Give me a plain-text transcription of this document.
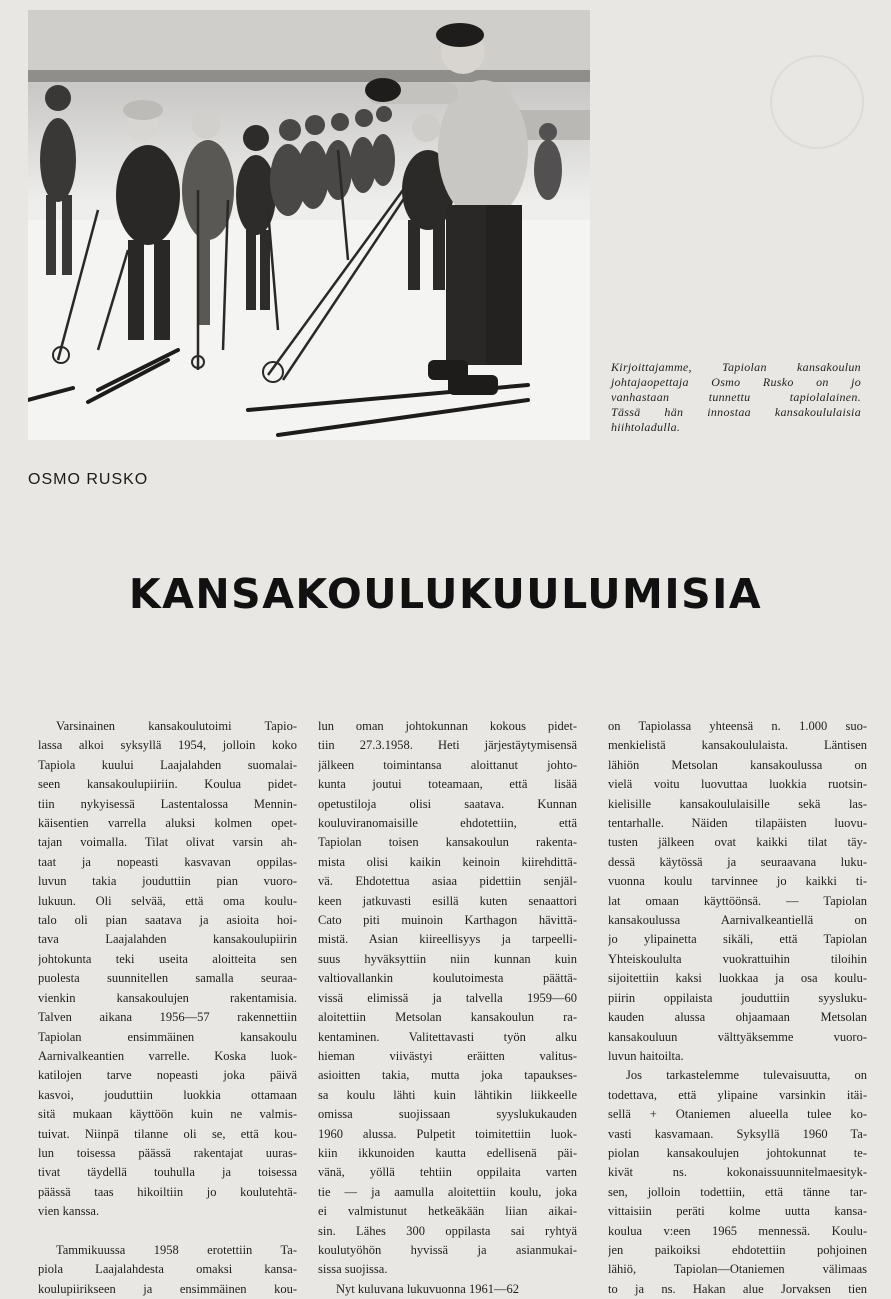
Kirjoittajamme, Tapiolan kansakoulun
johtajaopettaja Osmo Rusko on jo
vanhastaan tunnettu tapiolalainen.
Tässä hän innostaa kansakoululaisia
hiihtoladulla.
OSMO RUSKO
KANSAKOULUKUULUMISIA
Varsinainen kansakoulutoimi Tapio-
lassa alkoi syksyllä 1954, jolloin koko
Tapiola kuului Laajalahden suomalai-
seen kansakoulupiiriin. Koulua pidet-
tiin nykyisessä Lastentalossa Mennin-
käisentien varrella aluksi kolmen opet-
tajan voimalla. Tilat olivat varsin ah-
taat ja nopeasti kasvavan oppilas-
luvun takia jouduttiin pian vuoro-
lukuun. Oli selvää, että oma koulu-
talo oli pian saatava ja asioita hoi-
tava Laajalahden kansakoulupiirin
johtokunta teki useita aloitteita sen
puolesta suunnitellen samalla seuraa-
vienkin kansakoulujen rakentamisia.
Talven aikana 1956—57 rakennettiin
Tapiolan ensimmäinen kansakoulu
Aarnivalkeantien varrelle. Koska luok-
katilojen tarve nopeasti joka päivä
kasvoi, jouduttiin luokkia ottamaan
sitä mukaan käyttöön kuin ne valmis-
tuivat. Niinpä tilanne oli se, että kou-
lun toisessa päässä rakentajat uuras-
tivat täydellä touhulla ja toisessa
päässä taas hikoiltiin jo koulutehtä-
vien kanssa.
Tammikuussa 1958 erotettiin Ta-
piola Laajalahdesta omaksi kansa-
koulupiirikseen ja ensimmäinen kou-
lun oman johtokunnan kokous pidet-
tiin 27.3.1958. Heti järjestäytymisensä
jälkeen toimintansa aloittanut johto-
kunta joutui toteamaan, että lisää
opetustiloja olisi saatava. Kunnan
kouluviranomaisille ehdotettiin, että
Tapiolan toisen kansakoulun rakenta-
mista olisi kaikin keinoin kiirehdittä-
vä. Ehdotettua asiaa pidettiin senjäl-
keen jatkuvasti esillä kuten senaattori
Cato piti muinoin Karthagon hävittä-
mistä. Asian kiireellisyys ja tarpeelli-
suus hyväksyttiin niin kunnan kuin
valtiovallankin koulutoimesta päättä-
vissä elimissä ja talvella 1959—60
aloitettiin Metsolan kansakoulun ra-
kentaminen. Valitettavasti työn alku
hieman viivästyi eräitten valitus-
asioitten takia, mutta joka tapaukses-
sa koulu lähti kuin lähtikin liikkeelle
omissa suojissaan syyslukukauden
1960 alussa. Pulpetit toimitettiin luok-
kiin ikkunoiden kautta edellisenä päi-
vänä, yöllä tehtiin oppilaita varten
tie — ja aamulla aloitettiin koulu, joka
ei valmistunut hetkeäkään liian aikai-
sin. Lähes 300 oppilasta sai ryhtyä
koulutyöhön hyvissä ja asianmukai-
sissa suojissa.
Nyt kuluvana lukuvuonna 1961—62
on Tapiolassa yhteensä n. 1.000 suo-
menkielistä kansakoululaista. Läntisen
lähiön Metsolan kansakoulussa on
vielä voitu luovuttaa luokkia ruotsin-
kielisille kansakoululaisille sekä las-
tentarhalle. Näiden tilapäisten luovu-
tusten jälkeen ovat kaikki tilat täy-
dessä käytössä ja seuraavana luku-
vuonna koulu tarvinnee jo kaikki ti-
lat omaan käyttöönsä. — Tapiolan
kansakoulussa Aarnivalkeantiellä on
jo ylipainetta sikäli, että Tapiolan
Yhteiskoululta vuokrattuihin tiloihin
sijoitettiin kaksi luokkaa ja osa koulu-
piirin oppilaista jouduttiin syysluku-
kauden alussa ohjaamaan Metsolan
kansakouluun välttyäksemme vuoro-
luvun haitoilta.
Jos tarkastelemme tulevaisuutta, on
todettava, että ylipaine varsinkin itäi-
sellä + Otaniemen alueella tulee ko-
vasti kasvamaan. Syksyllä 1960 Ta-
piolan kansakoulujen johtokunnat te-
kivät ns. kokonaissuunnitelmaesityk-
sen, jolloin todettiin, että tänne tar-
vittaisiin peräti kolme uutta kansa-
koulua v:een 1965 mennessä. Koulu-
jen paikoiksi ehdotettiin pohjoinen
lähiö, Tapiolan—Otaniemen välimaas
to ja ns. Hakan alue Jorvaksen tien
